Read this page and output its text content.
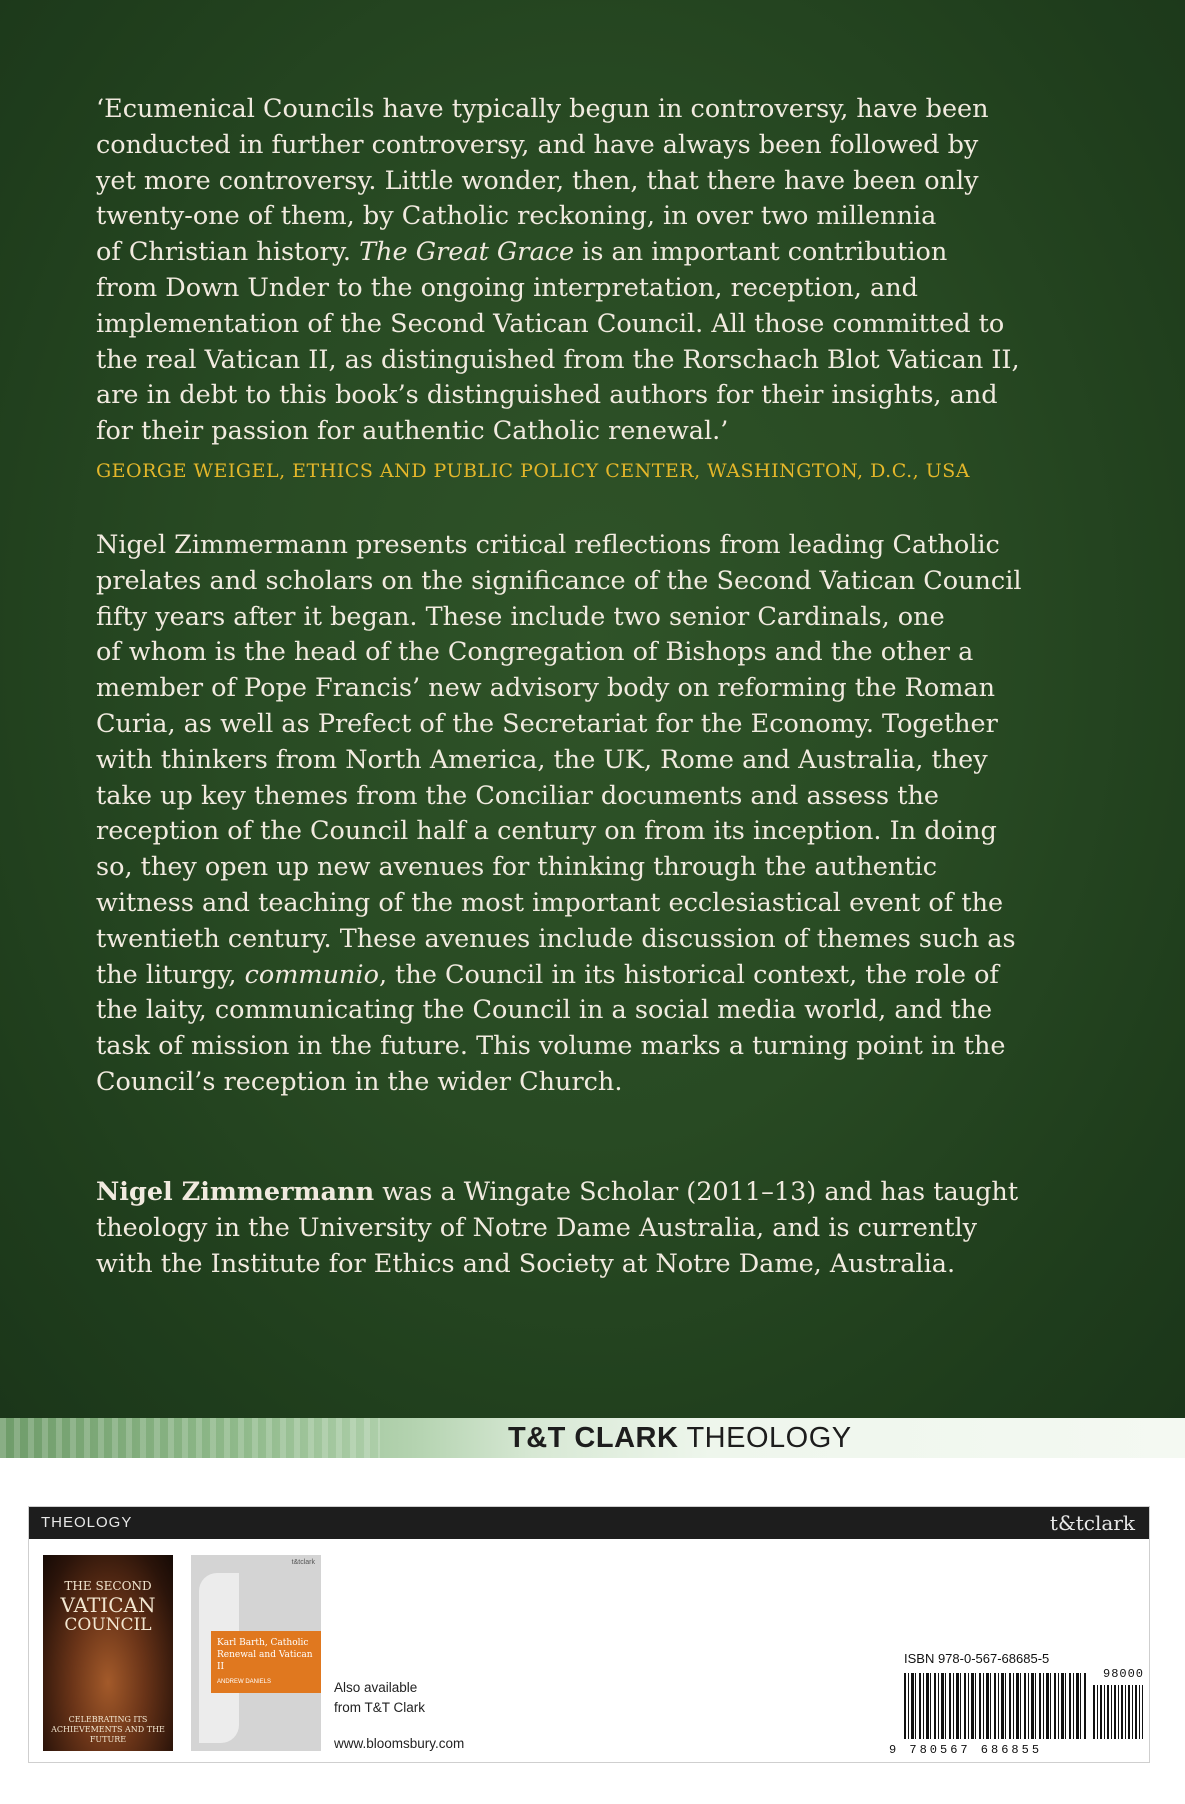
‘Ecumenical Councils have typically begun in controversy, have been
conducted in further controversy, and have always been followed by
yet more controversy. Little wonder, then, that there have been only
twenty-one of them, by Catholic reckoning, in over two millennia
of Christian history. The Great Grace is an important contribution
from Down Under to the ongoing interpretation, reception, and
implementation of the Second Vatican Council. All those committed to
the real Vatican II, as distinguished from the Rorschach Blot Vatican II,
are in debt to this book’s distinguished authors for their insights, and
for their passion for authentic Catholic renewal.’
GEORGE WEIGEL, ETHICS AND PUBLIC POLICY CENTER, WASHINGTON, D.C., USA
Nigel Zimmermann presents critical reflections from leading Catholic
prelates and scholars on the significance of the Second Vatican Council
fifty years after it began. These include two senior Cardinals, one
of whom is the head of the Congregation of Bishops and the other a
member of Pope Francis’ new advisory body on reforming the Roman
Curia, as well as Prefect of the Secretariat for the Economy. Together
with thinkers from North America, the UK, Rome and Australia, they
take up key themes from the Conciliar documents and assess the
reception of the Council half a century on from its inception. In doing
so, they open up new avenues for thinking through the authentic
witness and teaching of the most important ecclesiastical event of the
twentieth century. These avenues include discussion of themes such as
the liturgy, communio, the Council in its historical context, the role of
the laity, communicating the Council in a social media world, and the
task of mission in the future. This volume marks a turning point in the
Council’s reception in the wider Church.
Nigel Zimmermann was a Wingate Scholar (2011–13) and has taught
theology in the University of Notre Dame Australia, and is currently
with the Institute for Ethics and Society at Notre Dame, Australia.
T&T CLARK THEOLOGY
THEOLOGY	t&tclark
THE SECOND
VATICAN
COUNCIL
CELEBRATING ITS ACHIEVEMENTS AND THE FUTURE
t&tclark
Karl Barth, Catholic Renewal and Vatican II
ANDREW DANIELS	Also available
from T&T Clark
www.bloomsbury.com
ISBN 978-0-567-68685-5
98000
9 780567 686855
